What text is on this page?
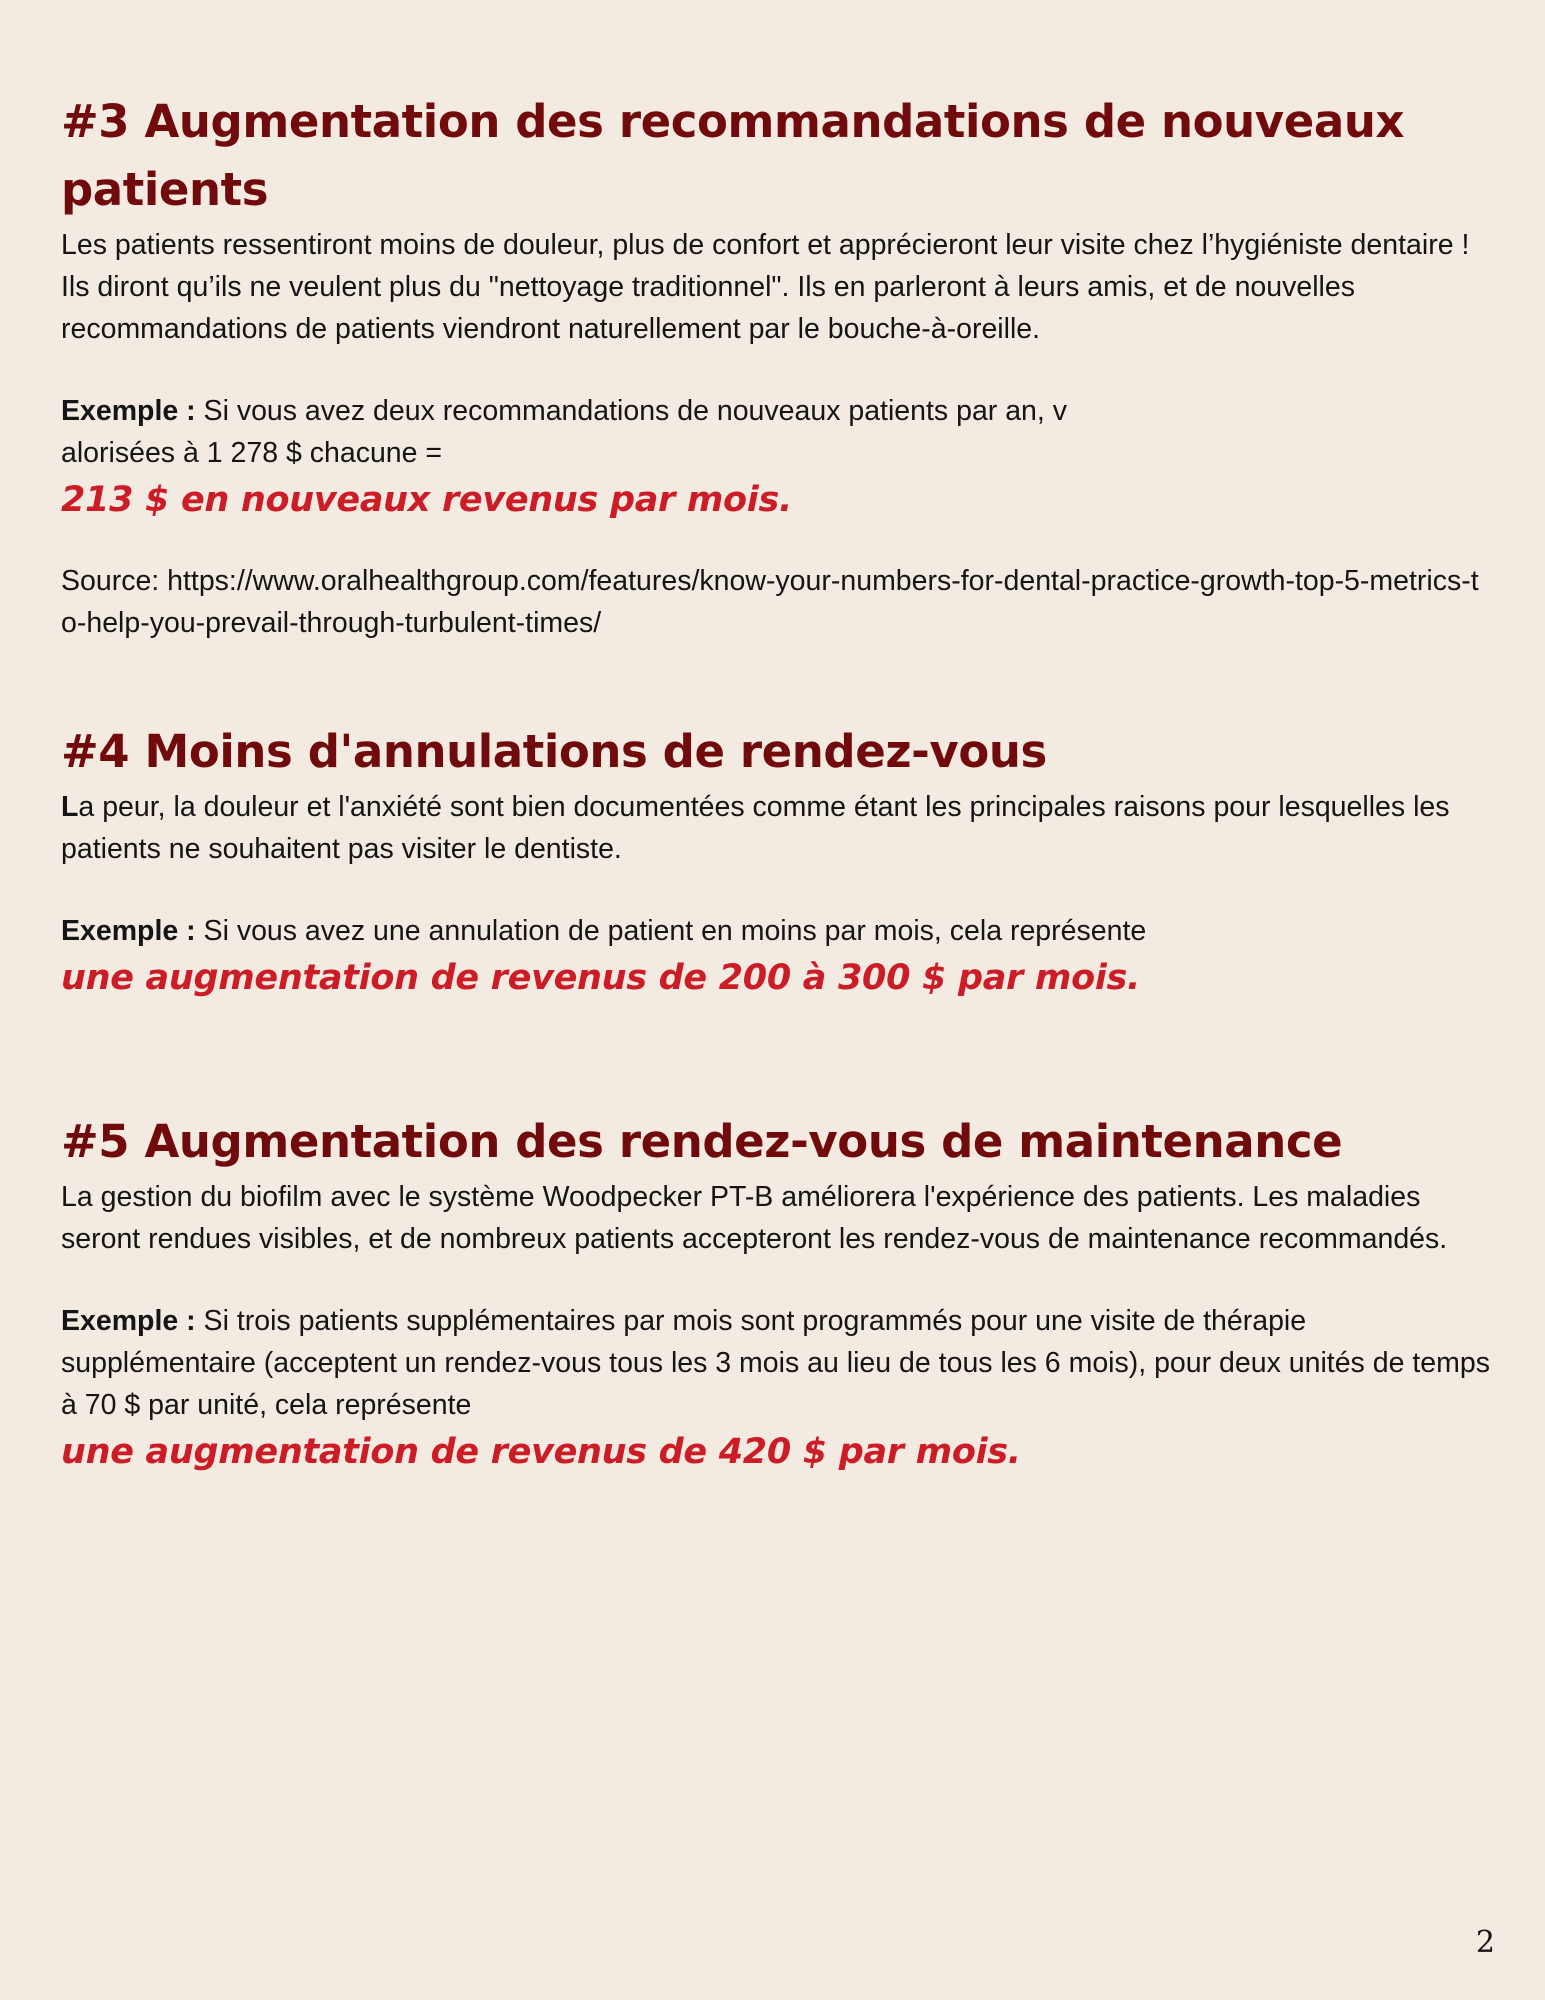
#3 Augmentation des recommandations de nouveaux patients

Les patients ressentiront moins de douleur, plus de confort et apprécieront leur visite chez l’hygiéniste dentaire ! Ils diront qu’ils ne veulent plus du "nettoyage traditionnel". Ils en parleront à leurs amis, et de nouvelles recommandations de patients viendront naturellement par le bouche-à-oreille.

Exemple : Si vous avez deux recommandations de nouveaux patients par an, v
alorisées à 1 278 $ chacune =

213 $ en nouveaux revenus par mois.

Source: https://www.oralhealthgroup.com/features/know-your-numbers-for-dental-practice-growth-top-5-metrics-to-help-you-prevail-through-turbulent-times/

#4 Moins d'annulations de rendez-vous

La peur, la douleur et l'anxiété sont bien documentées comme étant les principales raisons pour lesquelles les patients ne souhaitent pas visiter le dentiste.

Exemple : Si vous avez une annulation de patient en moins par mois, cela représente

une augmentation de revenus de 200 à 300 $ par mois.

#5 Augmentation des rendez-vous de maintenance

La gestion du biofilm avec le système Woodpecker PT-B améliorera l'expérience des patients. Les maladies seront rendues visibles, et de nombreux patients accepteront les rendez-vous de maintenance recommandés.

Exemple : Si trois patients supplémentaires par mois sont programmés pour une visite de thérapie supplémentaire (acceptent un rendez-vous tous les 3 mois au lieu de tous les 6 mois), pour deux unités de temps à 70 $ par unité, cela représente

une augmentation de revenus de 420 $ par mois.

2
